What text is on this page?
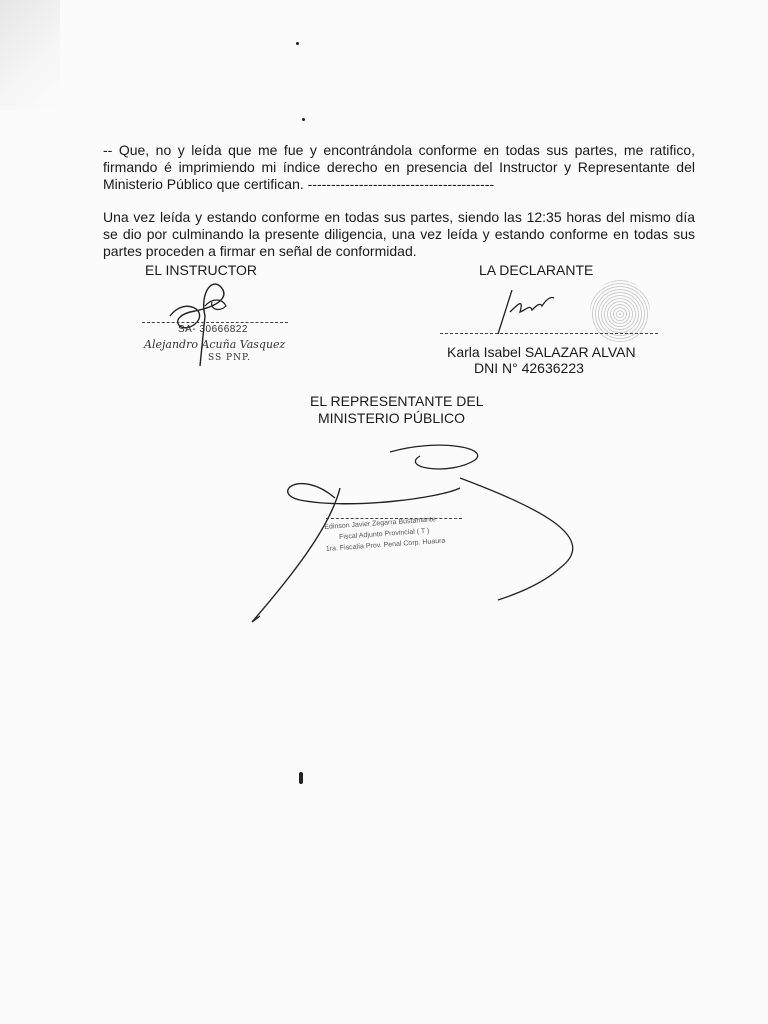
-- Que, no y leída que me fue y encontrándola conforme en todas sus partes, me ratifico, firmando é imprimiendo mi índice derecho en presencia del Instructor y Representante del Ministerio Público que certifican. ----------------------------------------

Una vez leída y estando conforme en todas sus partes, siendo las 12:35 horas del mismo día se dio por culminando la presente diligencia, una vez leída y estando conforme en todas sus partes proceden a firmar en señal de conformidad.

EL INSTRUCTOR
SA- 30666822
Alejandro Acuña Vasquez
SS PNP.
LA DECLARANTE
Karla Isabel SALAZAR ALVAN
DNI N° 42636223
EL REPRESENTANTE DEL
MINISTERIO PÚBLICO
Edinson Javier Zegarra Bustamante
Fiscal Adjunto Provincial ( T )
1ra. Fiscalía Prov. Penal Corp. Huaura
